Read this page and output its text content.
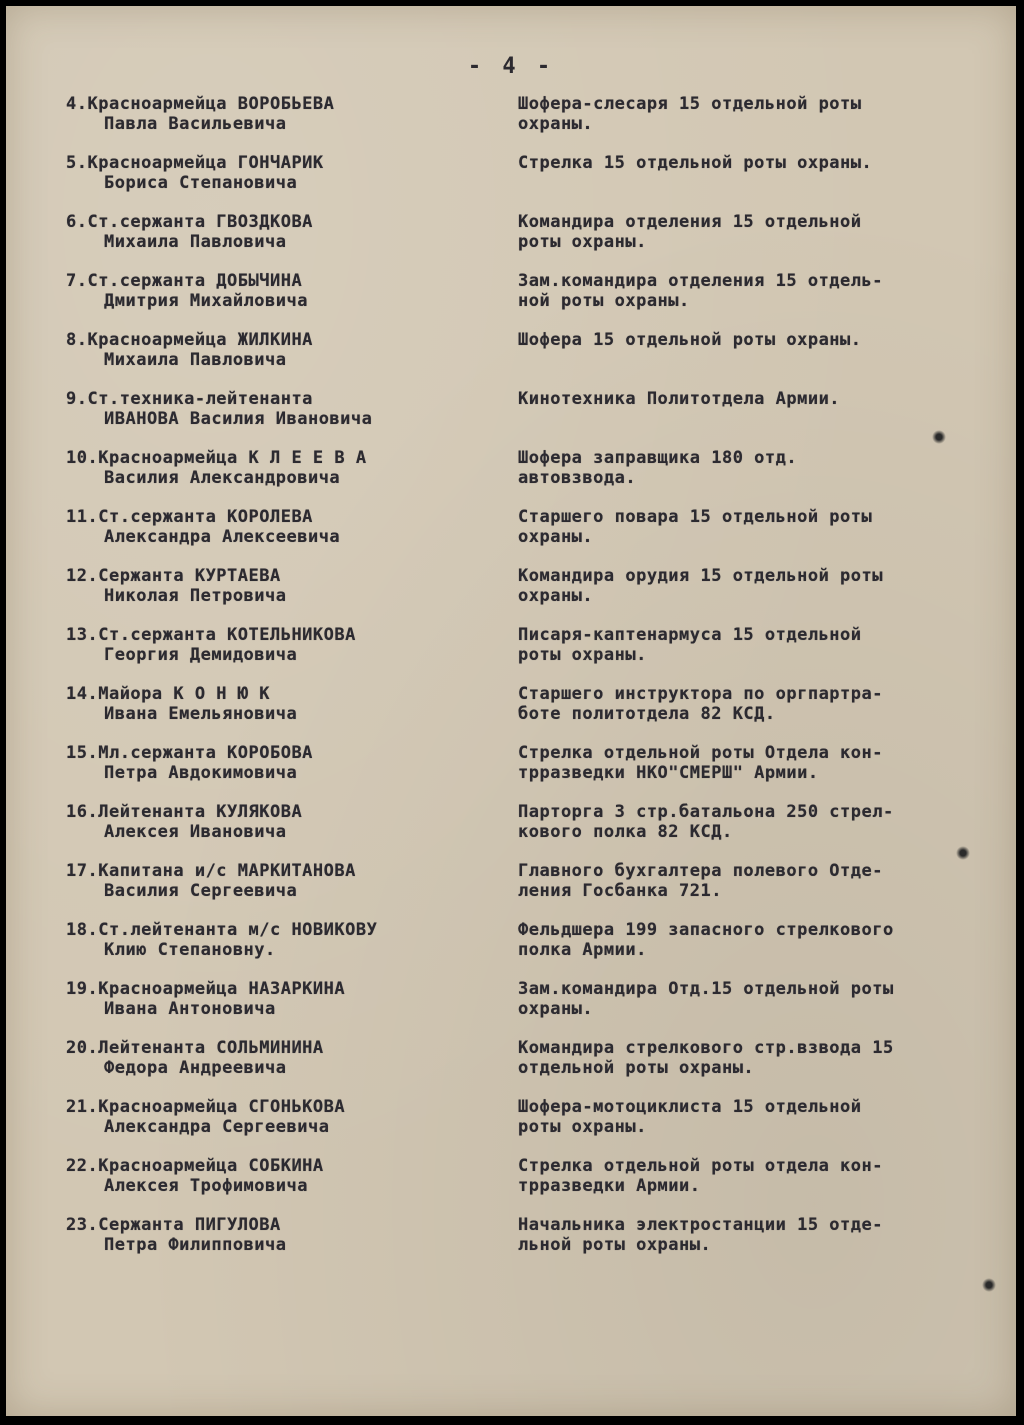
- 4 -
4.Красноармейца ВОРОБЬЕВА
Павла Васильевича
Шофера-слесаря 15 отдельной роты
охраны.
5.Красноармейца ГОНЧАРИК
Бориса Степановича
Стрелка 15 отдельной роты охраны.
6.Ст.сержанта ГВОЗДКОВА
Михаила Павловича
Командира отделения 15 отдельной
роты охраны.
7.Ст.сержанта ДОБЫЧИНА
Дмитрия Михайловича
Зам.командира отделения 15 отдель-
ной роты охраны.
8.Красноармейца ЖИЛКИНА
Михаила Павловича
Шофера 15 отдельной роты охраны.
9.Ст.техника-лейтенанта
ИВАНОВА Василия Ивановича
Кинотехника Политотдела Армии.
10.Красноармейца К Л Е Е В А
Василия Александровича
Шофера заправщика 180 отд.
автовзвода.
11.Ст.сержанта КОРОЛЕВА
Александра Алексеевича
Старшего повара 15 отдельной роты
охраны.
12.Сержанта КУРТАЕВА
Николая Петровича
Командира орудия 15 отдельной роты
охраны.
13.Ст.сержанта КОТЕЛЬНИКОВА
Георгия Демидовича
Писаря-каптенармуса 15 отдельной
роты охраны.
14.Майора К О Н Ю К
Ивана Емельяновича
Старшего инструктора по оргпартра-
боте политотдела 82 КСД.
15.Мл.сержанта КОРОБОВА
Петра Авдокимовича
Стрелка отдельной роты Отдела кон-
трразведки НКО"СМЕРШ" Армии.
16.Лейтенанта КУЛЯКОВА
Алексея Ивановича
Парторга 3 стр.батальона 250 стрел-
кового полка 82 КСД.
17.Капитана и/с МАРКИТАНОВА
Василия Сергеевича
Главного бухгалтера полевого Отде-
ления Госбанка 721.
18.Ст.лейтенанта м/с НОВИКОВУ
Клию Степановну.
Фельдшера 199 запасного стрелкового
полка Армии.
19.Красноармейца НАЗАРКИНА
Ивана Антоновича
Зам.командира Отд.15 отдельной роты
охраны.
20.Лейтенанта СОЛЬМИНИНА
Федора Андреевича
Командира стрелкового стр.взвода 15
отдельной роты охраны.
21.Красноармейца СГОНЬКОВА
Александра Сергеевича
Шофера-мотоциклиста 15 отдельной
роты охраны.
22.Красноармейца СОБКИНА
Алексея Трофимовича
Стрелка отдельной роты отдела кон-
трразведки Армии.
23.Сержанта ПИГУЛОВА
Петра Филипповича
Начальника электростанции 15 отде-
льной роты охраны.
